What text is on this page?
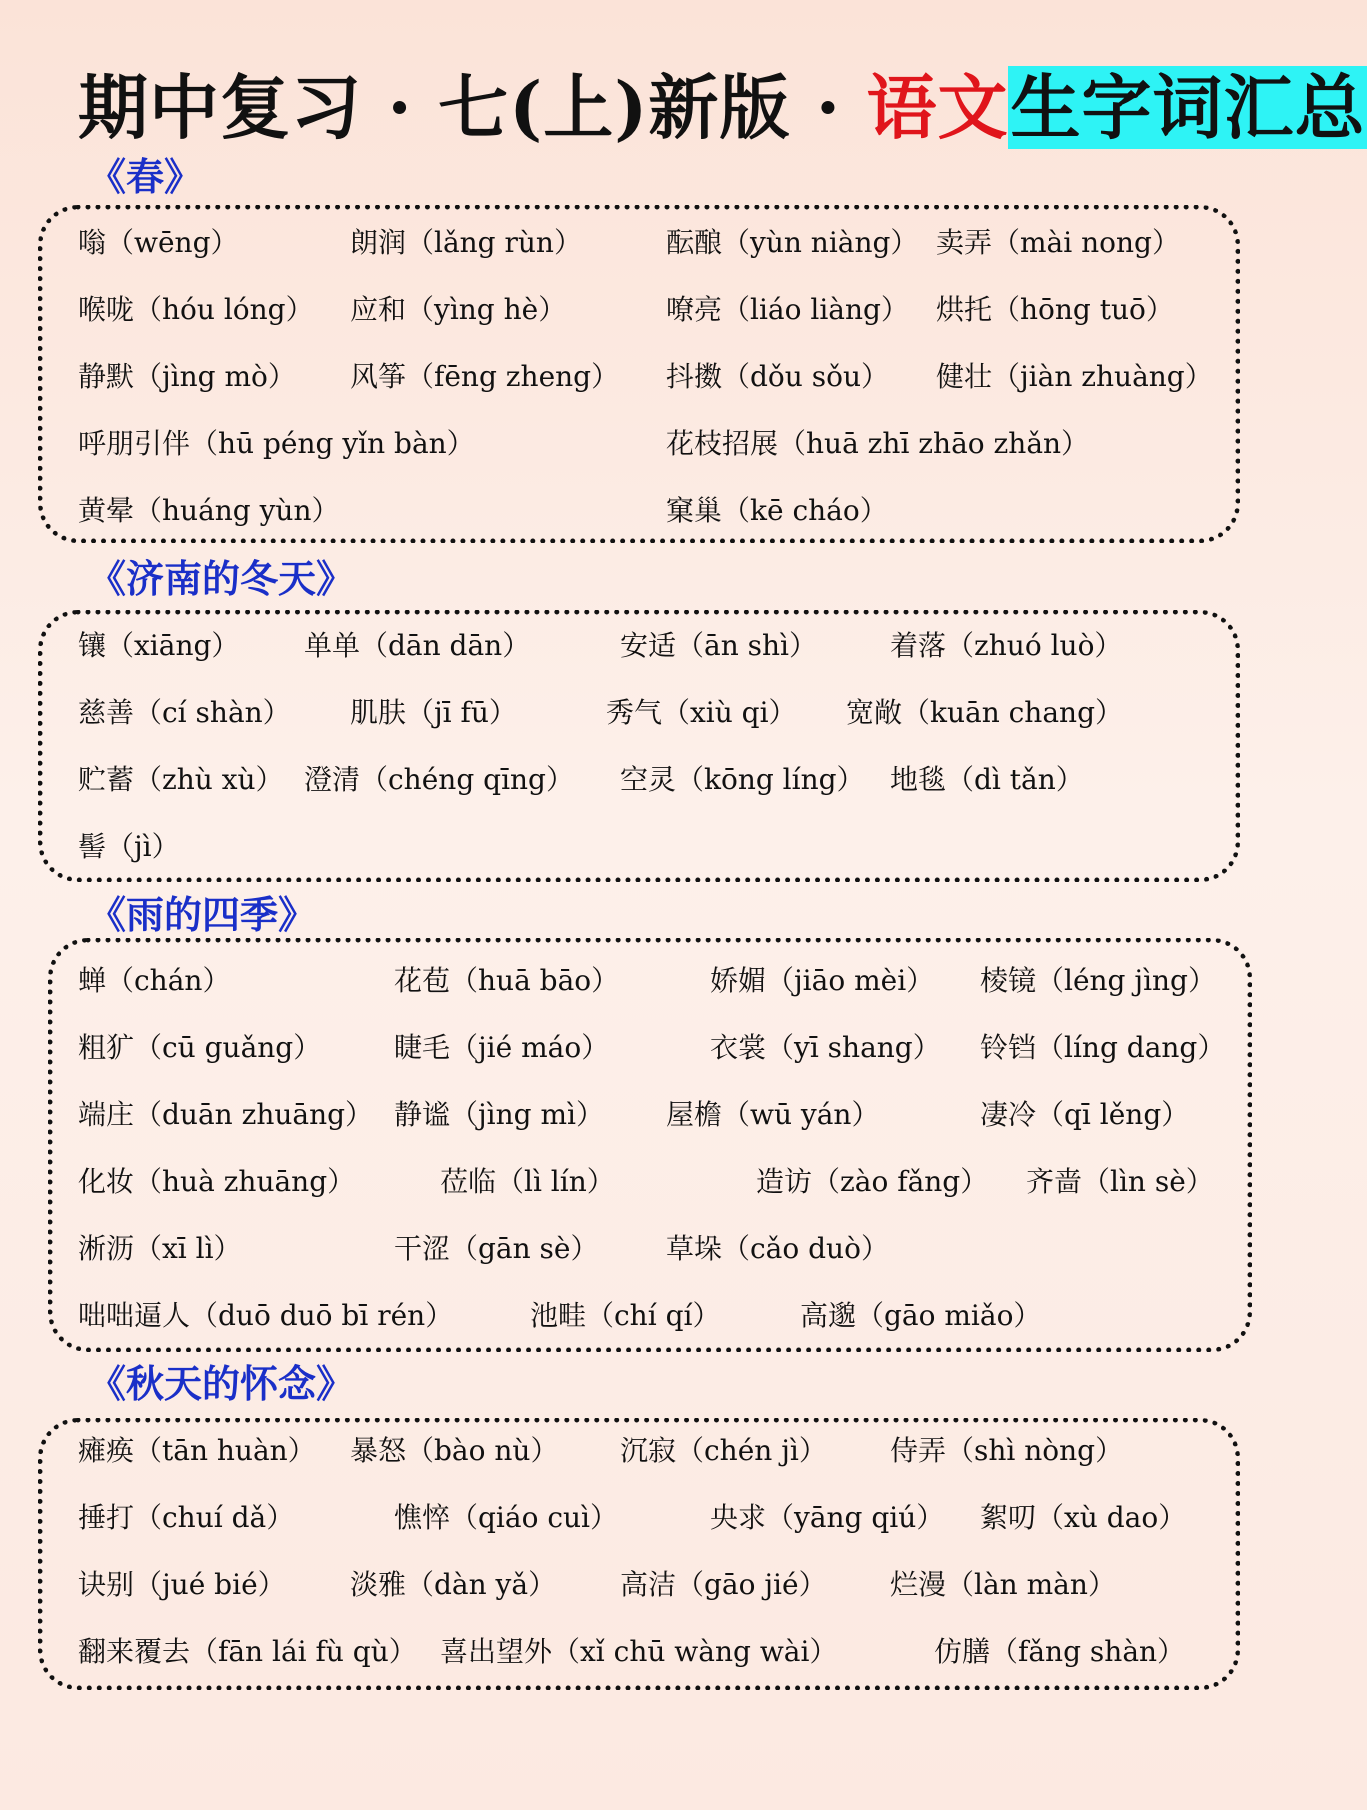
期中复习 · 七(上)新版 · 语文生字词汇总
《春》
嗡（wēng）	朗润（lǎng rùn）	酝酿（yùn niàng） 卖弄（mài nong）
喉咙（hóu lóng） 应和（yìng hè）	嘹亮（liáo liàng） 烘托（hōng tuō）
静默（jìng mò） 风筝（fēng zheng） 抖擞（dǒu sǒu） 健壮（jiàn zhuàng）
呼朋引伴（hū péng yǐn bàn）	花枝招展（huā zhī zhāo zhǎn）
黄晕（huáng yùn）	窠巢（kē cháo）
《济南的冬天》
镶（xiāng） 单单（dān dān）	安适（ān shì）	着落（zhuó luò）
慈善（cí shàn） 肌肤（jī fū）	秀气（xiù qi） 宽敞（kuān chang）
贮蓄（zhù xù） 澄清（chéng qīng） 空灵（kōng líng） 地毯（dì tǎn）
髻（jì）
《雨的四季》
蝉（chán）	花苞（huā bāo）	娇媚（jiāo mèi） 棱镜（léng jìng）
粗犷（cū guǎng）	睫毛（jié máo）	衣裳（yī shang） 铃铛（líng dang）
端庄（duān zhuāng） 静谧（jìng mì） 屋檐（wū yán）	凄冷（qī lěng）
化妆（huà zhuāng）	莅临（lì lín）	造访（zào fǎng） 齐啬（lìn sè）
淅沥（xī lì）	干涩（gān sè） 草垛（cǎo duò）
咄咄逼人（duō duō bī rén）	池畦（chí qí）	高邈（gāo miǎo）
《秋天的怀念》
瘫痪（tān huàn） 暴怒（bào nù） 沉寂（chén jì） 侍弄（shì nòng）
捶打（chuí dǎ）	憔悴（qiáo cuì）	央求（yāng qiú） 絮叨（xù dao）
诀别（jué bié） 淡雅（dàn yǎ） 高洁（gāo jié） 烂漫（làn màn）
翻来覆去（fān lái fù qù） 喜出望外（xǐ chū wàng wài）	仿膳（fǎng shàn）
